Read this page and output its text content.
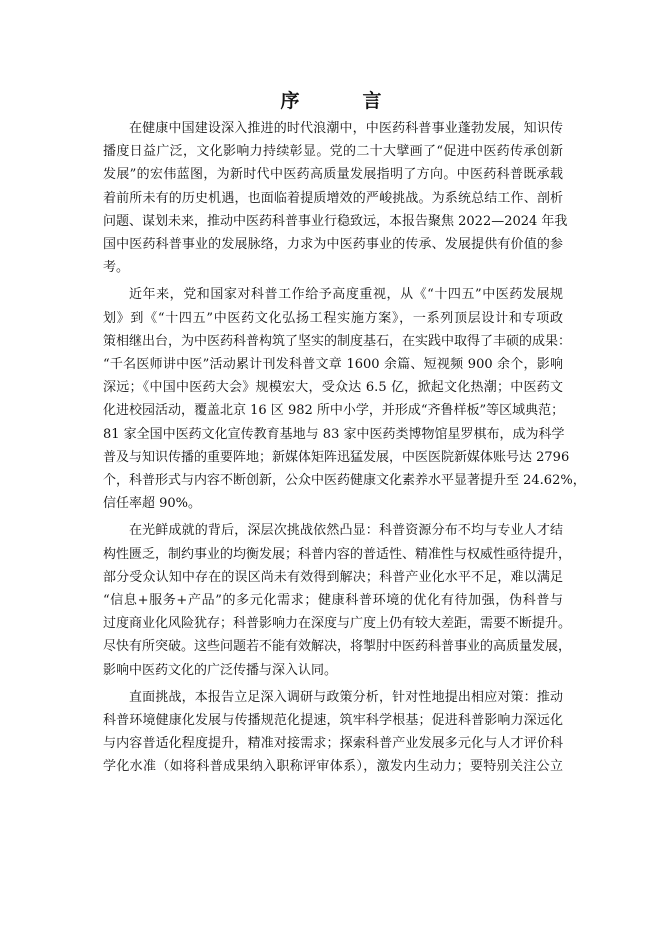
序　言
在健康中国建设深入推进的时代浪潮中，中医药科普事业蓬勃发展，知识传
播度日益广泛，文化影响力持续彰显。党的二十大擘画了“促进中医药传承创新
发展”的宏伟蓝图，为新时代中医药高质量发展指明了方向。中医药科普既承载
着前所未有的历史机遇，也面临着提质增效的严峻挑战。为系统总结工作、剖析
问题、谋划未来，推动中医药科普事业行稳致远，本报告聚焦 2022—2024 年我
国中医药科普事业的发展脉络，力求为中医药事业的传承、发展提供有价值的参
考。
近年来，党和国家对科普工作给予高度重视，从《“十四五”中医药发展规
划》到《“十四五”中医药文化弘扬工程实施方案》，一系列顶层设计和专项政
策相继出台，为中医药科普构筑了坚实的制度基石，在实践中取得了丰硕的成果：
“千名医师讲中医”活动累计刊发科普文章 1600 余篇、短视频 900 余个，影响
深远；《中国中医药大会》规模宏大，受众达 6.5 亿，掀起文化热潮；中医药文
化进校园活动，覆盖北京 16 区 982 所中小学，并形成“齐鲁样板”等区域典范；
81 家全国中医药文化宣传教育基地与 83 家中医药类博物馆星罗棋布，成为科学
普及与知识传播的重要阵地；新媒体矩阵迅猛发展，中医医院新媒体账号达 2796
个，科普形式与内容不断创新，公众中医药健康文化素养水平显著提升至 24.62%，
信任率超 90%。
在光鲜成就的背后，深层次挑战依然凸显：科普资源分布不均与专业人才结
构性匮乏，制约事业的均衡发展；科普内容的普适性、精准性与权威性亟待提升，
部分受众认知中存在的误区尚未有效得到解决；科普产业化水平不足，难以满足
“信息+服务+产品”的多元化需求；健康科普环境的优化有待加强，伪科普与
过度商业化风险犹存；科普影响力在深度与广度上仍有较大差距，需要不断提升。
尽快有所突破。这些问题若不能有效解决，将掣肘中医药科普事业的高质量发展，
影响中医药文化的广泛传播与深入认同。
直面挑战，本报告立足深入调研与政策分析，针对性地提出相应对策：推动
科普环境健康化发展与传播规范化提速，筑牢科学根基；促进科普影响力深远化
与内容普适化程度提升，精准对接需求；探索科普产业发展多元化与人才评价科
学化水准（如将科普成果纳入职称评审体系），激发内生动力；要特别关注公立
